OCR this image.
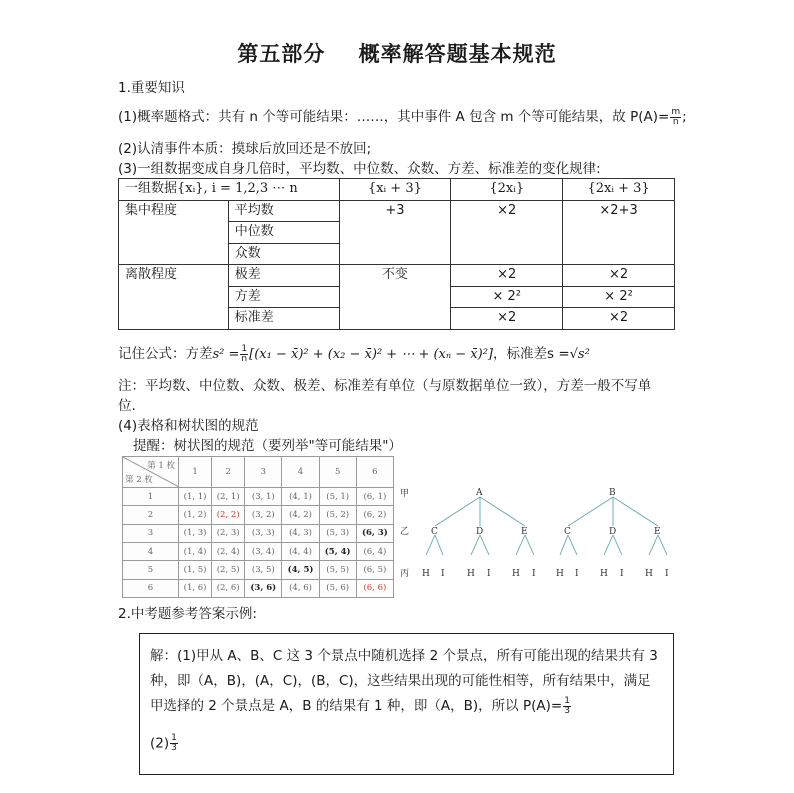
第五部分    概率解答题基本规范
1.重要知识
(1)概率题格式：共有 n 个等可能结果：……，其中事件 A 包含 m 个等可能结果，故 $P(A)= \frac{m}{n}$ ;
(2)认清事件本质：摸球后放回还是不放回;
(3)一组数据变成自身几倍时，平均数、中位数、众数、方差、标准差的变化规律:
一组数据{xᵢ}, i = 1,2,3 ⋯ n		{xᵢ + 3}	{2xᵢ}	{2xᵢ + 3}
集中程度	平均数	+3	×2	×2+3
	中位数			
	众数			
离散程度	极差	不变	×2	×2
	方差		× 2²	× 2²
	标准差		×2	×2
记住公式：方差$s^2 = \frac{1}{n} [(x_1$ − x̄)² + (x₂ − x̄)² + ⋯ + (xₙ − x̄)²]，标准差s =√s²
注：平均数、中位数、众数、极差、标准差有单位（与原数据单位一致），方差一般不写单
位.
(4)表格和树状图的规范
提醒：树状图的规范（要列举"等可能结果"）
第 1 枚
第 2 枚	1	2	3	4	5	6
1	(1, 1)	(2, 1)	(3, 1)	(4, 1)	(5, 1)	(6, 1)
2	(1, 2)	(2, 2)	(3, 2)	(4, 2)	(5, 2)	(6, 2)
3	(1, 3)	(2, 3)	(3, 3)	(4, 3)	(5, 3)	(6, 3)
4	(1, 4)	(2, 4)	(3, 4)	(4, 4)	(5, 4)	(6, 4)
5	(1, 5)	(2, 5)	(3, 5)	(4, 5)	(5, 5)	(6, 5)
6	(1, 6)	(2, 6)	(3, 6)	(4, 6)	(5, 6)	(6, 6)
甲
乙
丙
A	B
C	D	E	C	D	E
H I H I H I H I H I H I
2.中考题参考答案示例:
解：(1)甲从 A、B、C 这 3 个景点中随机选择 2 个景点，所有可能出现的结果共有 3
种，即（A，B)，(A，C)，(B，C)，这些结果出现的可能性相等，所有结果中，满足
甲选择的 2 个景点是 A，B 的结果有 1 种，即（A，B)，所以 $P(A)= \frac{1}{3}$
$(2) \frac{1}{3}$
